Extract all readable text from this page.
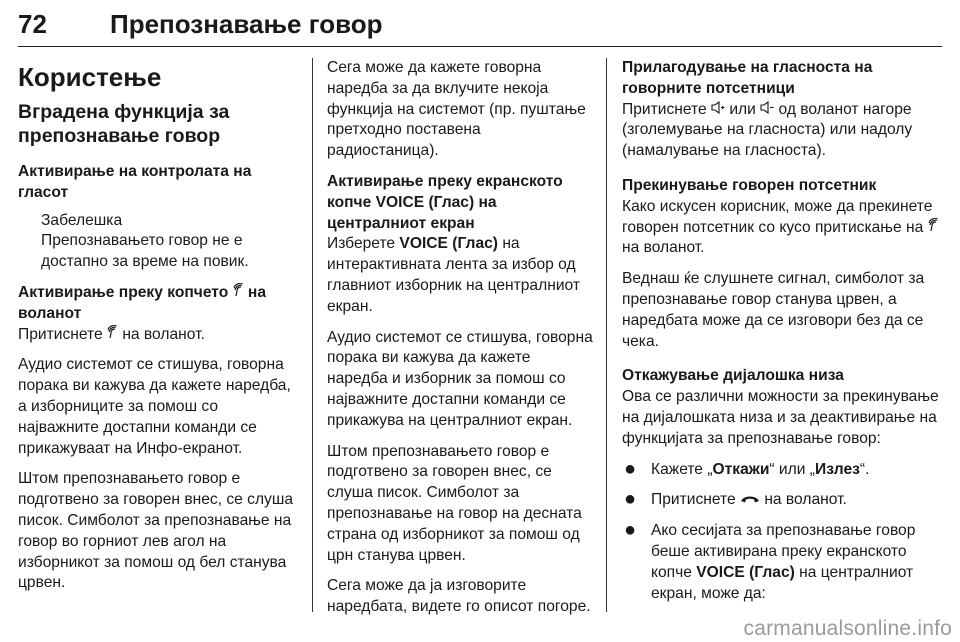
72 Препознавање говор
Користење
Вградена функција за препознавање говор
Активирање на контролата на гласот
Забелешка
Препознавањето говор не е достапно за време на повик.
Активирање преку копчето  на воланот

Притиснете  на воланот.

Аудио системот се стишува, говорна порака ви кажува да кажете наредба, а изборниците за помош со најважните достапни команди се прикажуваат на Инфо-екранот.

Штом препознавањето говор е подготвено за говорен внес, се слуша писок. Симболот за препознавање на говор во горниот лев агол на изборникот за помош од бел станува црвен.

Сега може да кажете говорна наредба за да вклучите некоја функција на системот (пр. пуштање претходно поставена радиостаница).

Активирање преку екранското копче VOICE (Глас) на централниот екран

Изберете VOICE (Глас) на интерактивната лента за избор од главниот изборник на централниот екран.

Аудио системот се стишува, говорна порака ви кажува да кажете наредба и изборник за помош со најважните достапни команди се прикажува на централниот екран.

Штом препознавањето говор е подготвено за говорен внес, се слуша писок. Симболот за препознавање на говор на десната страна од изборникот за помош од црн станува црвен.

Сега може да ја изговорите наредбата, видете го описот погоре.

Прилагодување на гласноста на говорните потсетници

Притиснете  или  од воланот нагоре (зголемување на гласноста) или надолу (намалување на гласноста).

Прекинување говорен потсетник

Како искусен корисник, може да прекинете говорен потсетник со кусо притискање на  на воланот.

Веднаш ќе слушнете сигнал, симболот за препознавање говор станува црвен, а наредбата може да се изговори без да се чека.

Откажување дијалошка низа

Ова се различни можности за прекинување на дијалошката низа и за деактивирање на функцијата за препознавање говор:

● Кажете „Откажи“ или „Излез“.
● Притиснете  на воланот.
● Ако сесијата за препознавање говор беше активирана преку екранското копче VOICE (Глас) на централниот екран, може да:
carmanualsonline.info
